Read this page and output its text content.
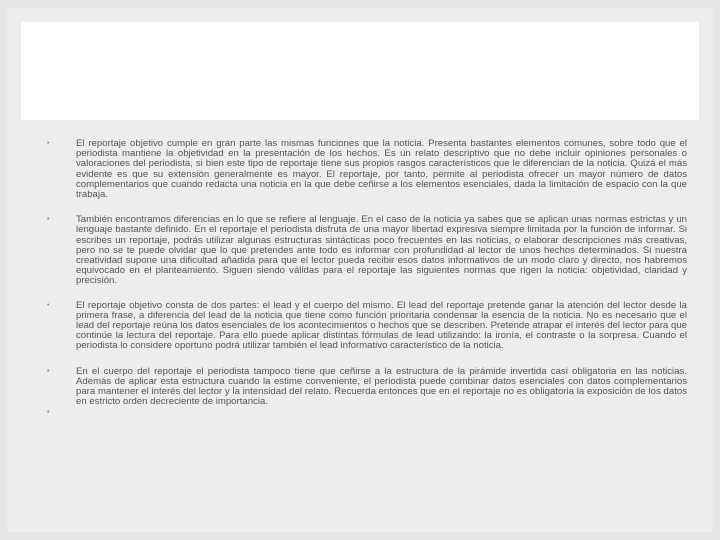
•	El reportaje objetivo cumple en gran parte las mismas funciones que la noticia. Presenta bastantes elementos comunes, sobre todo que el periodista mantiene la objetividad en la presentación de los hechos. Es un relato descriptivo que no debe incluir opiniones personales o valoraciones del periodista, si bien este tipo de reportaje tiene sus propios rasgos característicos que le diferencian de la noticia. Quizá el más evidente es que su extensión generalmente es mayor. El reportaje, por tanto, permite al periodista ofrecer un mayor número de datos complementarios que cuando redacta una noticia en la que debe ceñirse a los elementos esenciales, dada la limitación de espacio con la que trabaja.
•	También encontramos diferencias en lo que se refiere al lenguaje. En el caso de la noticia ya sabes que se aplican unas normas estrictas y un lenguaje bastante definido. En el reportaje el periodista disfruta de una mayor libertad expresiva siempre limitada por la función de informar. Si escribes un reportaje, podrás utilizar algunas estructuras sintácticas poco frecuentes en las noticias, o elaborar descripciones más creativas, pero no se te puede olvidar que lo que pretendes ante todo es informar con profundidad al lector de unos hechos determinados. Si nuestra creatividad supone una dificultad añadida para que el lector pueda recibir esos datos informativos de un modo claro y directo, nos habremos equivocado en el planteamiento. Siguen siendo válidas para el reportaje las siguientes normas que rigen la noticia: objetividad, claridad y precisión.
•	El reportaje objetivo consta de dos partes: el lead y el cuerpo del mismo. El lead del reportaje pretende ganar la atención del lector desde la primera frase, a diferencia del lead de la noticia que tiene como función prioritaria condensar la esencia de la noticia. No es necesario que el lead del reportaje reúna los datos esenciales de los acontecimientos o hechos que se describen. Pretende atrapar el interés del lector para que continúe la lectura del reportaje. Para ello puede aplicar distintas fórmulas de lead utilizando: la ironía, el contraste o la sorpresa. Cuando el periodista lo considere oportuno podrá utilizar también el lead informativo característico de la noticia.
•	En el cuerpo del reportaje el periodista tampoco tiene que ceñirse a la estructura de la pirámide invertida casi obligatoria en las noticias. Además de aplicar esta estructura cuando la estime conveniente, el periodista puede combinar datos esenciales con datos complementarios para mantener el interés del lector y la intensidad del relato. Recuerda entonces que en el reportaje no es obligatoria la exposición de los datos en estricto orden decreciente de importancia.
•
